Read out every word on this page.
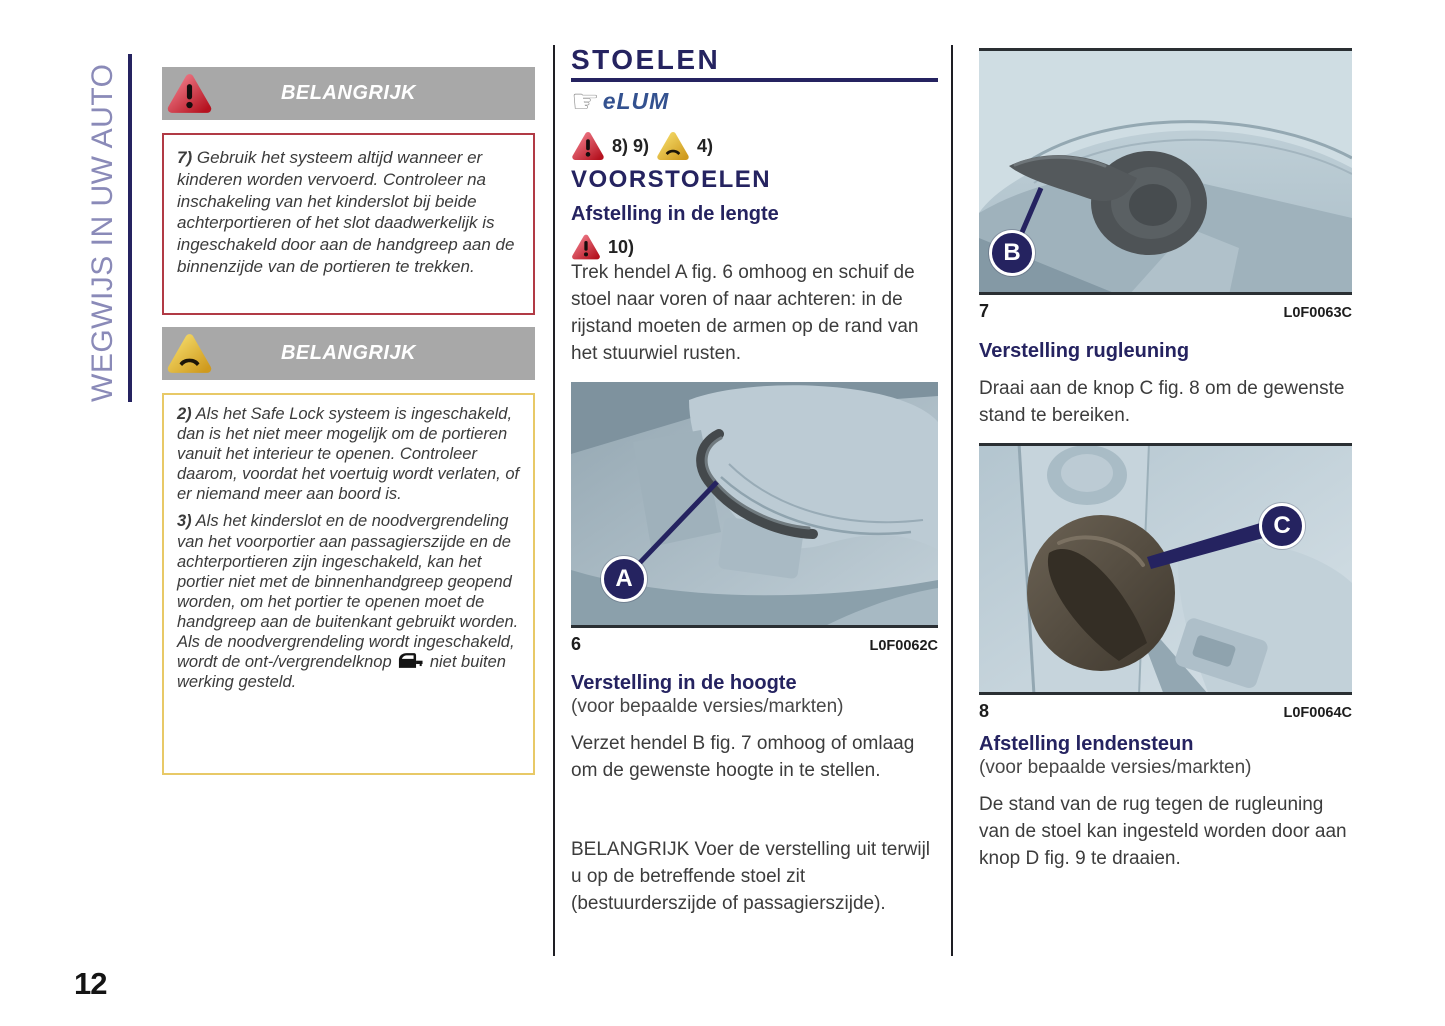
WEGWIJS IN UW AUTO	BELANGRIJK

7) Gebruik het systeem altijd wanneer er kinderen worden vervoerd. Controleer na inschakeling van het kinderslot bij beide achterportieren of het slot daadwerkelijk is ingeschakeld door aan de handgreep aan de binnenzijde van de portieren te trekken.

BELANGRIJK

2) Als het Safe Lock systeem is ingeschakeld, dan is het niet meer mogelijk om de portieren vanuit het interieur te openen. Controleer daarom, voordat het voertuig wordt verlaten, of er niemand meer aan boord is.

3) Als het kinderslot en de noodvergrendeling van het voorportier aan passagierszijde en de achterportieren zijn ingeschakeld, kan het portier niet met de binnenhandgreep geopend worden, om het portier te openen moet de handgreep aan de buitenkant gebruikt worden. Als de noodvergrendeling wordt ingeschakeld, wordt de ont-/vergrendelknop niet buiten werking gesteld.

STOELEN
☞ eLUM
8) 9)	4)
VOORSTOELEN
Afstelling in de lengte
10)

Trek hendel A fig. 6 omhoog en schuif de stoel naar voren of naar achteren: in de rijstand moeten de armen op de rand van het stuurwiel rusten.

A
6	L0F0062C
Verstelling in de hoogte
(voor bepaalde versies/markten)

Verzet hendel B fig. 7 omhoog of omlaag om de gewenste hoogte in te stellen.

BELANGRIJK Voer de verstelling uit terwijl u op de betreffende stoel zit (bestuurderszijde of passagierszijde).

B
7	L0F0063C
Verstelling rugleuning

Draai aan de knop C fig. 8 om de gewenste stand te bereiken.

C
8	L0F0064C
Afstelling lendensteun
(voor bepaalde versies/markten)

De stand van de rug tegen de rugleuning van de stoel kan ingesteld worden door aan knop D fig. 9 te draaien.

12
